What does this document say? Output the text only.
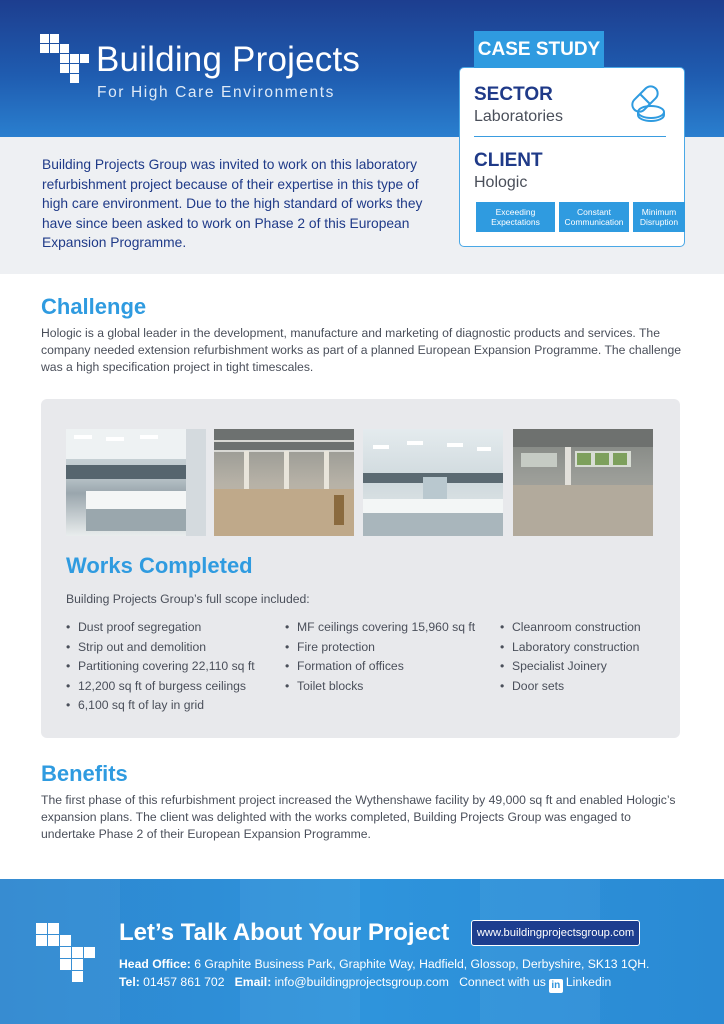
Building Projects
For High Care Environments

Building Projects Group was invited to work on this laboratory refurbishment project because of their expertise in this type of high care environment. Due to the high standard of works they have since been asked to work on Phase 2 of this European Expansion Programme.

SECTOR
Laboratories
CLIENT
Hologic
Exceeding
Expectations
Constant
Communication
Minimum
Disruption
CASE STUDY
Challenge

Hologic is a global leader in the development, manufacture and marketing of diagnostic products and services. The company needed extension refurbishment works as part of a planned European Expansion Programme. The challenge was a high specification project in tight timescales.

Works Completed

Building Projects Group’s full scope included:

• Dust proof segregation
• Strip out and demolition
• Partitioning covering 22,110 sq ft
• 12,200 sq ft of burgess ceilings
• 6,100 sq ft of lay in grid
• MF ceilings covering 15,960 sq ft
• Fire protection
• Formation of offices
• Toilet blocks
• Cleanroom construction
• Laboratory construction
• Specialist Joinery
• Door sets
Benefits

The first phase of this refurbishment project increased the Wythenshawe facility by 49,000 sq ft and enabled Hologic’s expansion plans. The client was delighted with the works completed, Building Projects Group was engaged to undertake Phase 2 of their European Expansion Programme.

Let’s Talk About Your Project	www.buildingprojectsgroup.com
Head Office: 6 Graphite Business Park, Graphite Way, Hadfield, Glossop, Derbyshire, SK13 1QH.
Tel: 01457 861 702 Email: info@buildingprojectsgroup.com Connect with us in Linkedin
